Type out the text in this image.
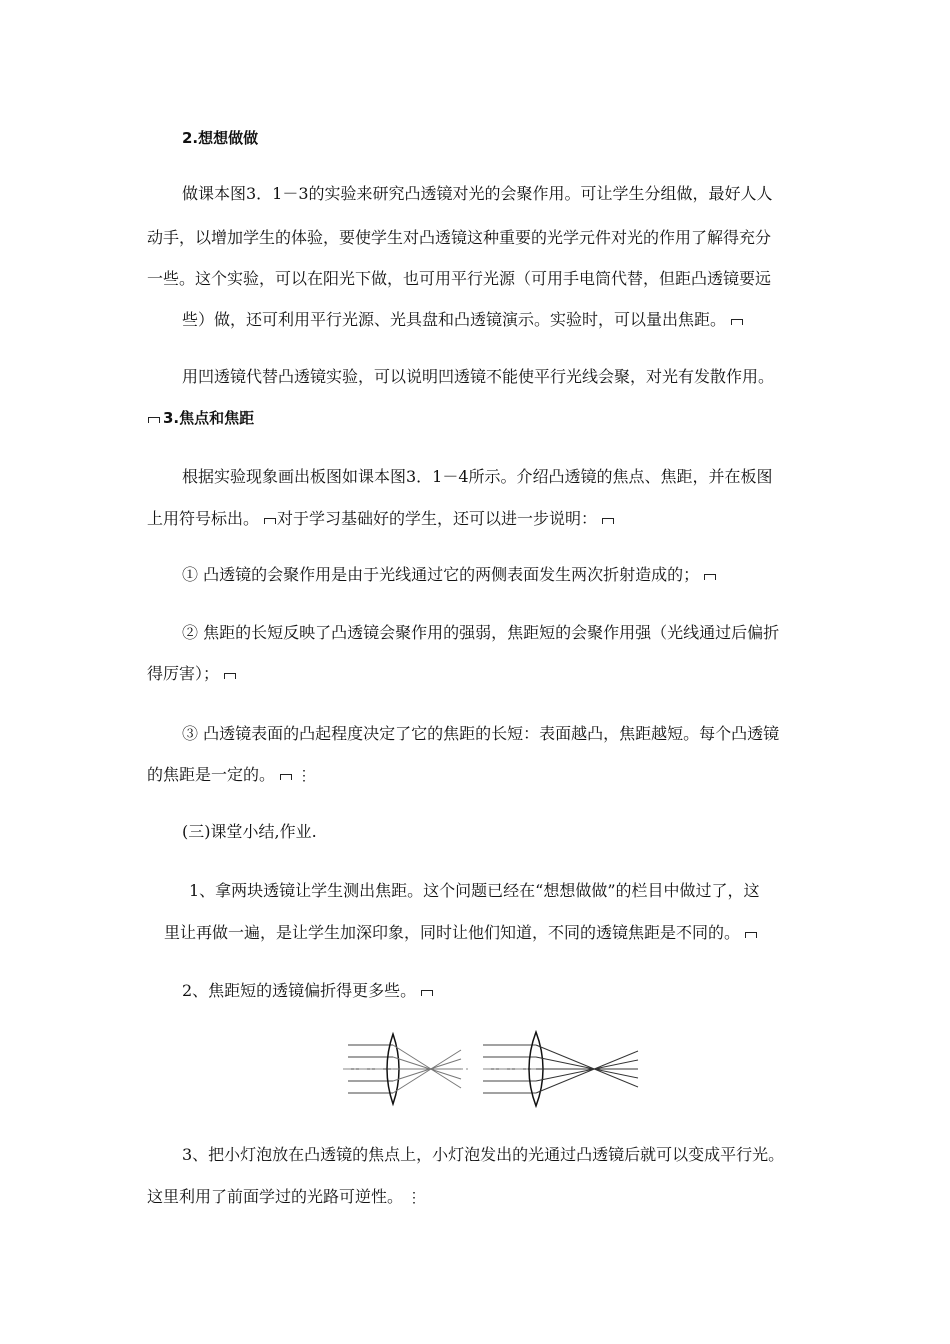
2.想想做做
做课本图3．1－3的实验来研究凸透镜对光的会聚作用。可让学生分组做，最好人人
动手，以增加学生的体验，要使学生对凸透镜这种重要的光学元件对光的作用了解得充分
一些。这个实验，可以在阳光下做，也可用平行光源（可用手电筒代替，但距凸透镜要远
些）做，还可利用平行光源、光具盘和凸透镜演示。实验时，可以量出焦距。
用凹透镜代替凸透镜实验，可以说明凹透镜不能使平行光线会聚，对光有发散作用。
3.焦点和焦距
根据实验现象画出板图如课本图3．1－4所示。介绍凸透镜的焦点、焦距，并在板图
上用符号标出。 对于学习基础好的学生，还可以进一步说明：
① 凸透镜的会聚作用是由于光线通过它的两侧表面发生两次折射造成的；
② 焦距的长短反映了凸透镜会聚作用的强弱，焦距短的会聚作用强（光线通过后偏折
得厉害）；
③ 凸透镜表面的凸起程度决定了它的焦距的长短：表面越凸，焦距越短。每个凸透镜
的焦距是一定的。 ⋮
(三)课堂小结,作业.
1、拿两块透镜让学生测出焦距。这个问题已经在“想想做做”的栏目中做过了，这
里让再做一遍，是让学生加深印象，同时让他们知道，不同的透镜焦距是不同的。
2、焦距短的透镜偏折得更多些。
3、把小灯泡放在凸透镜的焦点上，小灯泡发出的光通过凸透镜后就可以变成平行光。
这里利用了前面学过的光路可逆性。 ⋮
